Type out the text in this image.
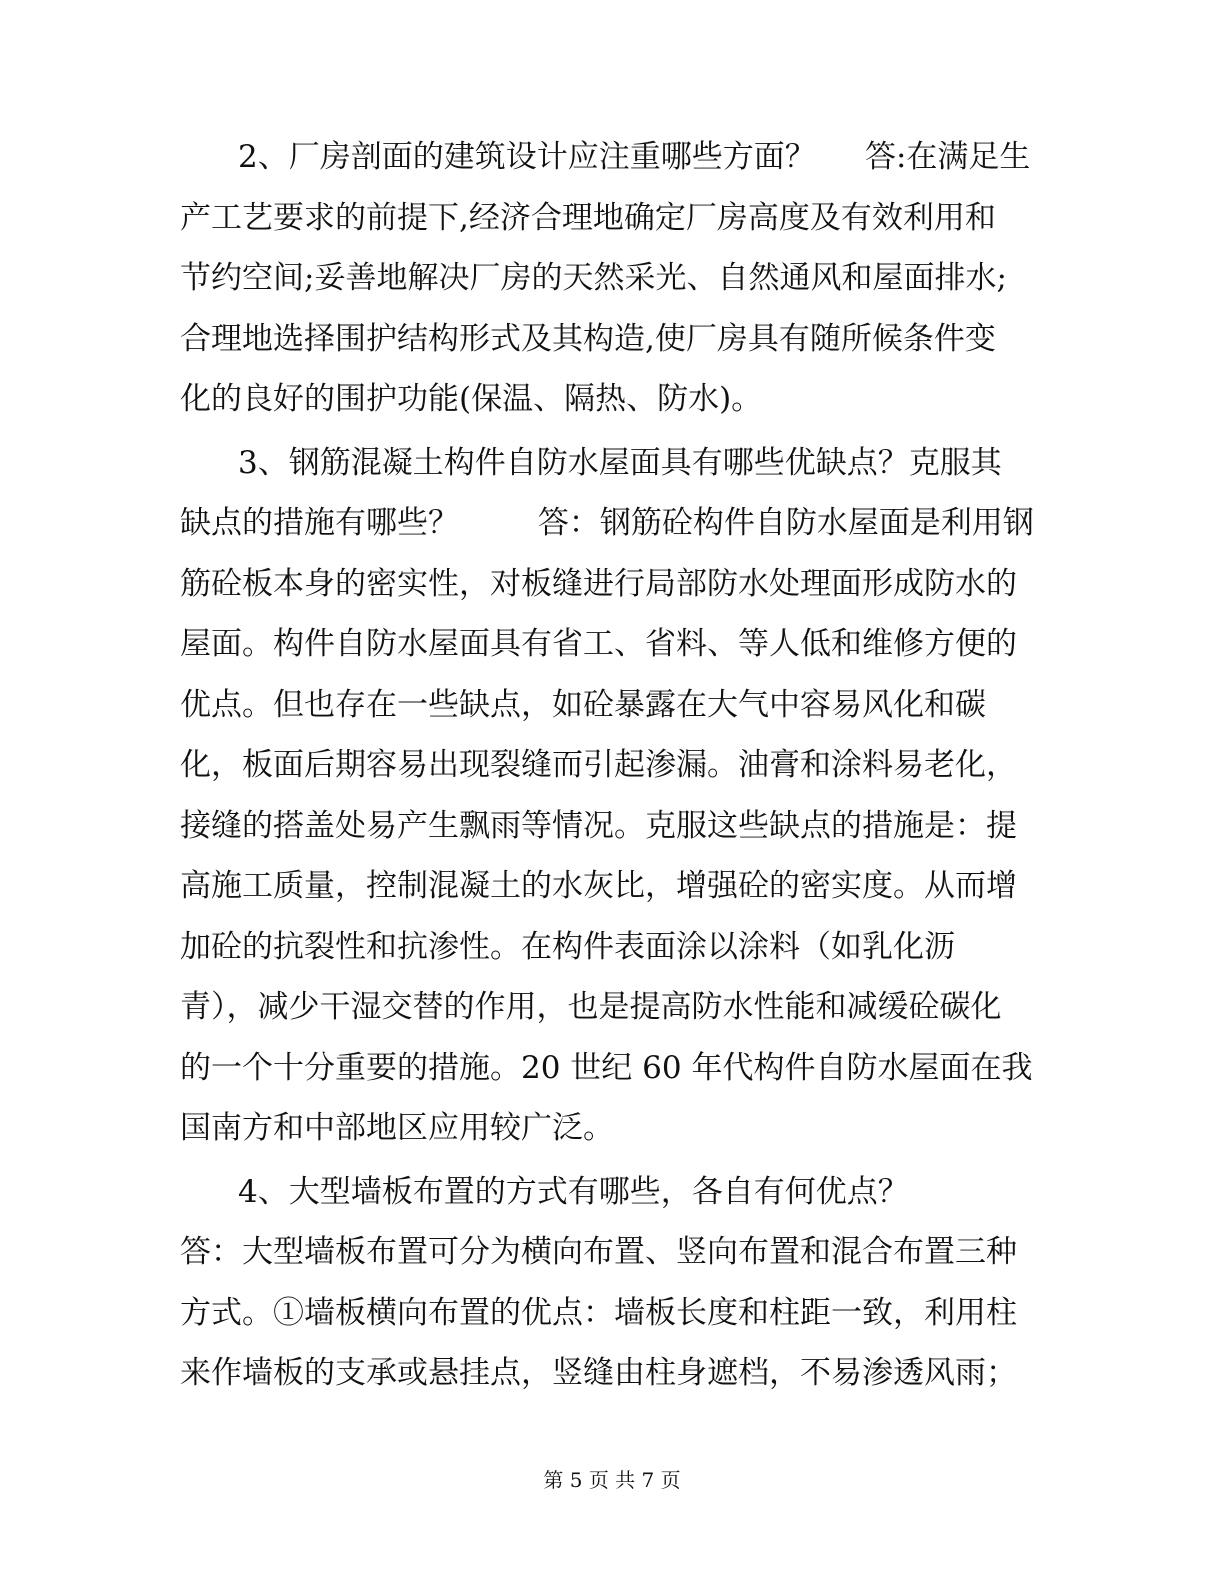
2、厂房剖面的建筑设计应注重哪些方面？     答:在满足生
产工艺要求的前提下,经济合理地确定厂房高度及有效利用和
节约空间;妥善地解决厂房的天然采光、自然通风和屋面排水;
合理地选择围护结构形式及其构造,使厂房具有随所候条件变
化的良好的围护功能(保温、隔热、防水)。
3、钢筋混凝土构件自防水屋面具有哪些优缺点？克服其
缺点的措施有哪些？        答：钢筋砼构件自防水屋面是利用钢
筋砼板本身的密实性，对板缝进行局部防水处理面形成防水的
屋面。构件自防水屋面具有省工、省料、等人低和维修方便的
优点。但也存在一些缺点，如砼暴露在大气中容易风化和碳
化，板面后期容易出现裂缝而引起渗漏。油膏和涂料易老化，
接缝的搭盖处易产生飘雨等情况。克服这些缺点的措施是：提
高施工质量，控制混凝土的水灰比，增强砼的密实度。从而增
加砼的抗裂性和抗渗性。在构件表面涂以涂料（如乳化沥
青），减少干湿交替的作用，也是提高防水性能和减缓砼碳化
的一个十分重要的措施。20 世纪 60 年代构件自防水屋面在我
国南方和中部地区应用较广泛。
4、大型墙板布置的方式有哪些，各自有何优点？
答：大型墙板布置可分为横向布置、竖向布置和混合布置三种
方式。①墙板横向布置的优点：墙板长度和柱距一致，利用柱
来作墙板的支承或悬挂点，竖缝由柱身遮档，不易渗透风雨；
第 5 页 共 7 页
